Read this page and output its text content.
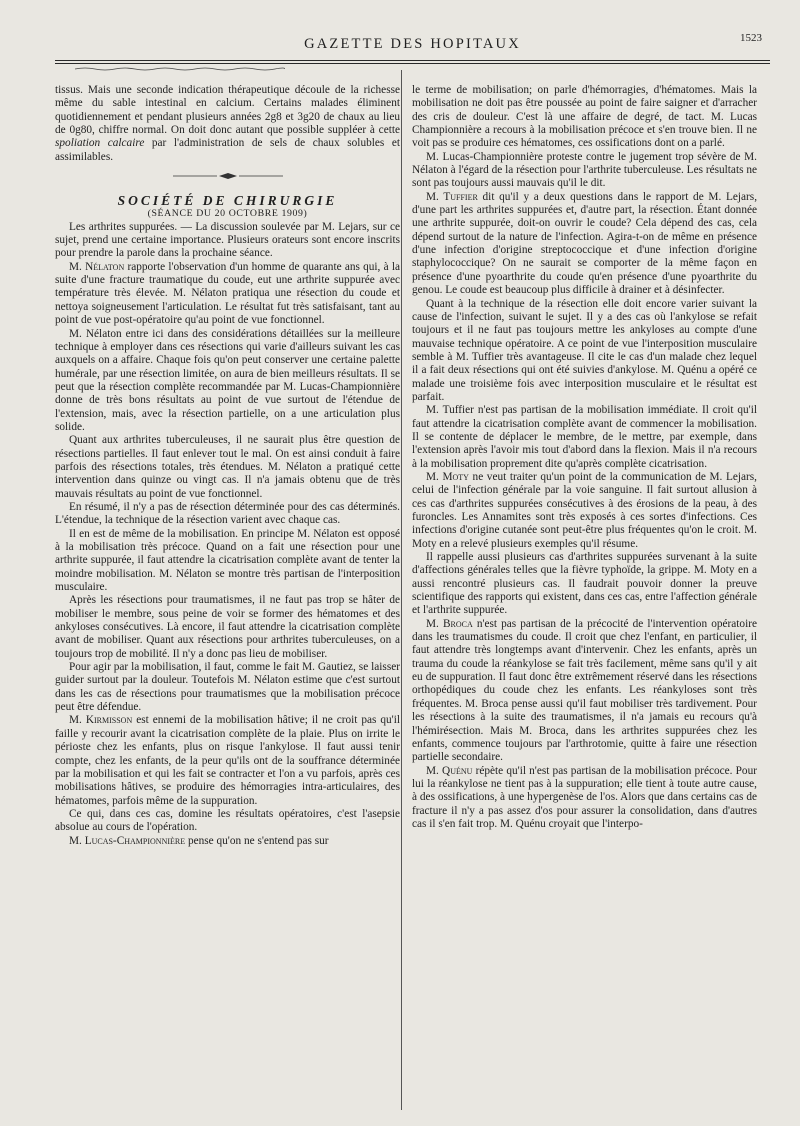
GAZETTE DES HOPITAUX	1523

tissus. Mais une seconde indication thérapeutique découle de la richesse même du sable intestinal en calcium. Certains malades éliminent quotidiennement et pendant plusieurs années 2g8 et 3g20 de chaux au lieu de 0g80, chiffre normal. On doit donc autant que possible suppléer à cette spoliation calcaire par l'administration de sels de chaux solubles et assimilables.

SOCIÉTÉ DE CHIRURGIE

(SÉANCE DU 20 OCTOBRE 1909)

Les arthrites suppurées. — La discussion soulevée par M. Lejars, sur ce sujet, prend une certaine importance. Plusieurs orateurs sont encore inscrits pour prendre la parole dans la prochaine séance.

M. Nélaton rapporte l'observation d'un homme de quarante ans qui, à la suite d'une fracture traumatique du coude, eut une arthrite suppurée avec température très élevée. M. Nélaton pratiqua une résection du coude et nettoya soigneusement l'articulation. Le résultat fut très satisfaisant, tant au point de vue post-opératoire qu'au point de vue fonctionnel.

M. Nélaton entre ici dans des considérations détaillées sur la meilleure technique à employer dans ces résections qui varie d'ailleurs suivant les cas auxquels on a affaire. Chaque fois qu'on peut conserver une certaine palette humérale, par une résection limitée, on aura de bien meilleurs résultats. Il se peut que la résection complète recommandée par M. Lucas-Championnière donne de très bons résultats au point de vue surtout de l'étendue de l'extension, mais, avec la résection partielle, on a une articulation plus solide.

Quant aux arthrites tuberculeuses, il ne saurait plus être question de résections partielles. Il faut enlever tout le mal. On est ainsi conduit à faire parfois des résections totales, très étendues. M. Nélaton a pratiqué cette intervention dans quinze ou vingt cas. Il n'a jamais obtenu que de très mauvais résultats au point de vue fonctionnel.

En résumé, il n'y a pas de résection déterminée pour des cas déterminés. L'étendue, la technique de la résection varient avec chaque cas.

Il en est de même de la mobilisation. En principe M. Nélaton est opposé à la mobilisation très précoce. Quand on a fait une résection pour une arthrite suppurée, il faut attendre la cicatrisation complète avant de tenter la moindre mobilisation. M. Nélaton se montre très partisan de l'interposition musculaire.

Après les résections pour traumatismes, il ne faut pas trop se hâter de mobiliser le membre, sous peine de voir se former des hématomes et des ankyloses consécutives. Là encore, il faut attendre la cicatrisation complète avant de mobiliser. Quant aux résections pour arthrites tuberculeuses, on a toujours trop de mobilité. Il n'y a donc pas lieu de mobiliser.

Pour agir par la mobilisation, il faut, comme le fait M. Gautiez, se laisser guider surtout par la douleur. Toutefois M. Nélaton estime que c'est surtout dans les cas de résections pour traumatismes que la mobilisation précoce peut être défendue.

M. Kirmisson est ennemi de la mobilisation hâtive; il ne croit pas qu'il faille y recourir avant la cicatrisation complète de la plaie. Plus on irrite le périoste chez les enfants, plus on risque l'ankylose. Il faut aussi tenir compte, chez les enfants, de la peur qu'ils ont de la souffrance déterminée par la mobilisation et qui les fait se contracter et l'on a vu parfois, après ces mobilisations hâtives, se produire des hémorragies intra-articulaires, des hématomes, parfois même de la suppuration.

Ce qui, dans ces cas, domine les résultats opératoires, c'est l'asepsie absolue au cours de l'opération.

M. Lucas-Championnière pense qu'on ne s'entend pas sur

le terme de mobilisation; on parle d'hémorragies, d'hématomes. Mais la mobilisation ne doit pas être poussée au point de faire saigner et d'arracher des cris de douleur. C'est là une affaire de degré, de tact. M. Lucas Championnière a recours à la mobilisation précoce et s'en trouve bien. Il ne voit pas se produire ces hématomes, ces ossifications dont on a parlé.

M. Lucas-Championnière proteste contre le jugement trop sévère de M. Nélaton à l'égard de la résection pour l'arthrite tuberculeuse. Les résultats ne sont pas toujours aussi mauvais qu'il le dit.

M. Tuffier dit qu'il y a deux questions dans le rapport de M. Lejars, d'une part les arthrites suppurées et, d'autre part, la résection. Étant donnée une arthrite suppurée, doit-on ouvrir le coude? Cela dépend des cas, cela dépend surtout de la nature de l'infection. Agira-t-on de même en présence d'une infection d'origine streptococcique et d'une infection d'origine staphylococcique? On ne saurait se comporter de la même façon en présence d'une pyoarthrite du coude qu'en présence d'une pyoarthrite du genou. Le coude est beaucoup plus difficile à drainer et à désinfecter.

Quant à la technique de la résection elle doit encore varier suivant la cause de l'infection, suivant le sujet. Il y a des cas où l'ankylose se refait toujours et il ne faut pas toujours mettre les ankyloses au compte d'une mauvaise technique opératoire. A ce point de vue l'interposition musculaire semble à M. Tuffier très avantageuse. Il cite le cas d'un malade chez lequel il a fait deux résections qui ont été suivies d'ankylose. M. Quénu a opéré ce malade une troisième fois avec interposition musculaire et le résultat est parfait.

M. Tuffier n'est pas partisan de la mobilisation immédiate. Il croit qu'il faut attendre la cicatrisation complète avant de commencer la mobilisation. Il se contente de déplacer le membre, de le mettre, par exemple, dans l'extension après l'avoir mis tout d'abord dans la flexion. Mais il n'a recours à la mobilisation proprement dite qu'après complète cicatrisation.

M. Moty ne veut traiter qu'un point de la communication de M. Lejars, celui de l'infection générale par la voie sanguine. Il fait surtout allusion à ces cas d'arthrites suppurées consécutives à des érosions de la peau, à des furoncles. Les Annamites sont très exposés à ces sortes d'infections. Ces infections d'origine cutanée sont peut-être plus fréquentes qu'on le croit. M. Moty en a relevé plusieurs exemples qu'il résume.

Il rappelle aussi plusieurs cas d'arthrites suppurées survenant à la suite d'affections générales telles que la fièvre typhoïde, la grippe. M. Moty en a aussi rencontré plusieurs cas. Il faudrait pouvoir donner la preuve scientifique des rapports qui existent, dans ces cas, entre l'affection générale et l'arthrite suppurée.

M. Broca n'est pas partisan de la précocité de l'intervention opératoire dans les traumatismes du coude. Il croit que chez l'enfant, en particulier, il faut attendre très longtemps avant d'intervenir. Chez les enfants, après un trauma du coude la réankylose se fait très facilement, même sans qu'il y ait eu de suppuration. Il faut donc être extrêmement réservé dans les résections orthopédiques du coude chez les enfants. Les réankyloses sont très fréquentes. M. Broca pense aussi qu'il faut mobiliser très tardivement. Pour les résections à la suite des traumatismes, il n'a jamais eu recours qu'à l'hémirésection. Mais M. Broca, dans les arthrites suppurées chez les enfants, commence toujours par l'arthrotomie, quitte à faire une résection partielle secondaire.

M. Quénu répète qu'il n'est pas partisan de la mobilisation précoce. Pour lui la réankylose ne tient pas à la suppuration; elle tient à toute autre cause, à des ossifications, à une hypergenèse de l'os. Alors que dans certains cas de fracture il n'y a pas assez d'os pour assurer la consolidation, dans d'autres cas il s'en fait trop. M. Quénu croyait que l'interpo-
